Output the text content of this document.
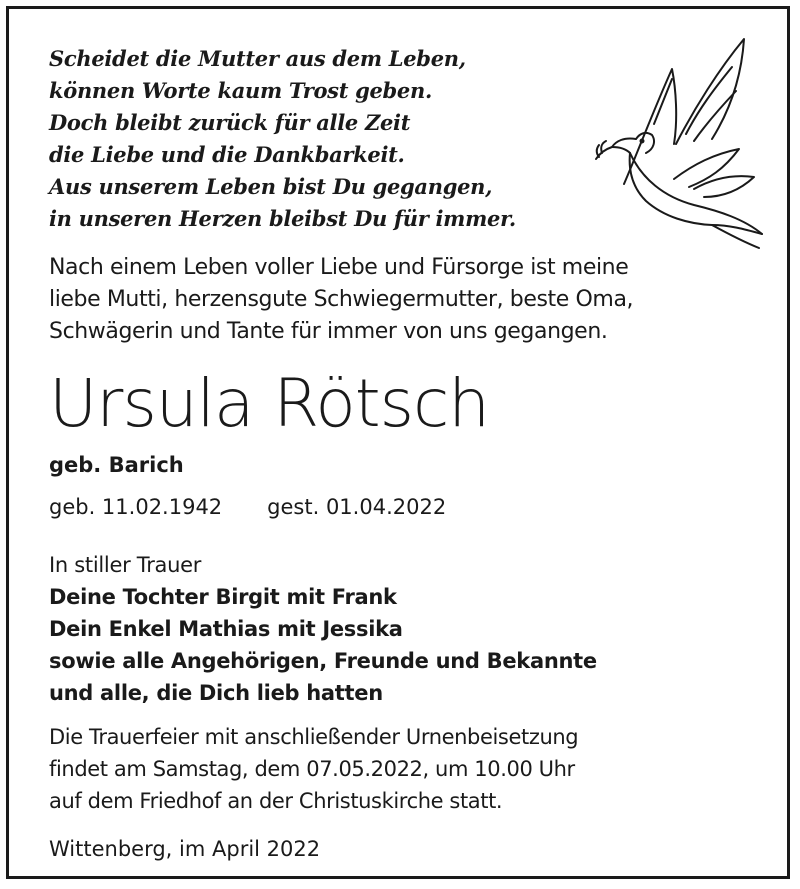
Scheidet die Mutter aus dem Leben,
können Worte kaum Trost geben.
Doch bleibt zurück für alle Zeit
die Liebe und die Dankbarkeit.
Aus unserem Leben bist Du gegangen,
in unseren Herzen bleibst Du für immer.
Nach einem Leben voller Liebe und Fürsorge ist meine
liebe Mutti, herzensgute Schwiegermutter, beste Oma,
Schwägerin und Tante für immer von uns gegangen.
Ursula Rötsch
geb. Barich
geb. 11.02.1942 gest. 01.04.2022
In stiller Trauer
Deine Tochter Birgit mit Frank
Dein Enkel Mathias mit Jessika
sowie alle Angehörigen, Freunde und Bekannte
und alle, die Dich lieb hatten
Die Trauerfeier mit anschließender Urnenbeisetzung
findet am Samstag, dem 07.05.2022, um 10.00 Uhr
auf dem Friedhof an der Christuskirche statt.
Wittenberg, im April 2022
